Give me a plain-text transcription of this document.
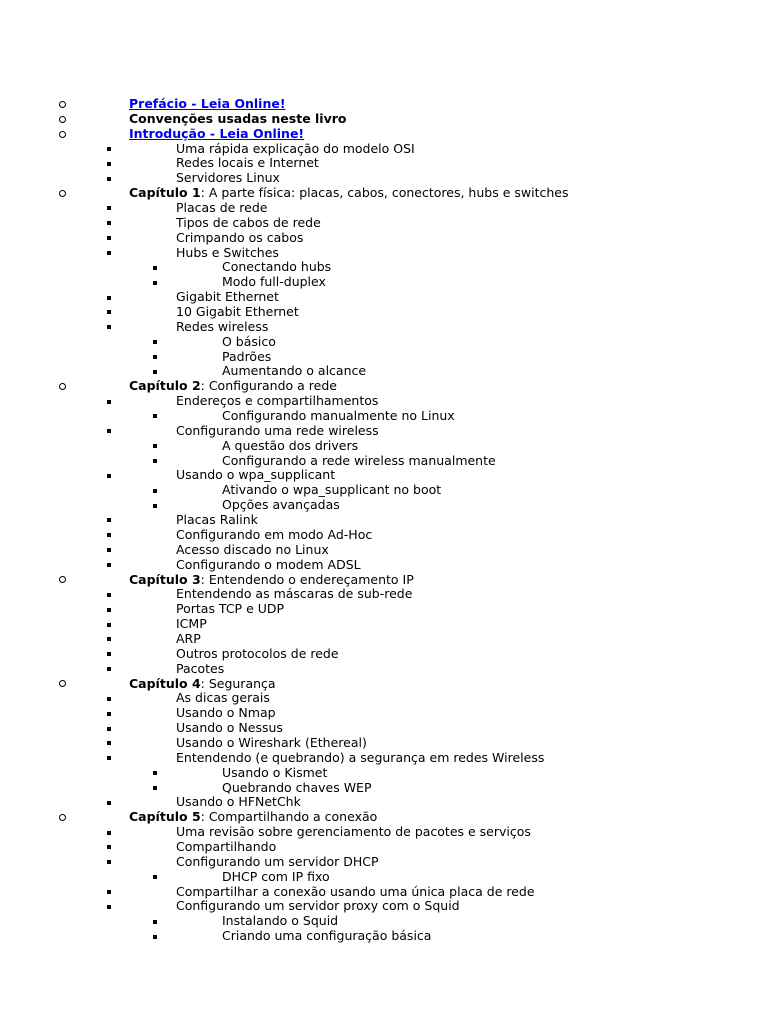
Prefácio - Leia Online!
Convenções usadas neste livro
Introdução - Leia Online!
Uma rápida explicação do modelo OSI
Redes locais e Internet
Servidores Linux
Capítulo 1: A parte física: placas, cabos, conectores, hubs e switches
Placas de rede
Tipos de cabos de rede
Crimpando os cabos
Hubs e Switches
Conectando hubs
Modo full-duplex
Gigabit Ethernet
10 Gigabit Ethernet
Redes wireless
O básico
Padrões
Aumentando o alcance
Capítulo 2: Configurando a rede
Endereços e compartilhamentos
Configurando manualmente no Linux
Configurando uma rede wireless
A questão dos drivers
Configurando a rede wireless manualmente
Usando o wpa_supplicant
Ativando o wpa_supplicant no boot
Opções avançadas
Placas Ralink
Configurando em modo Ad-Hoc
Acesso discado no Linux
Configurando o modem ADSL
Capítulo 3: Entendendo o endereçamento IP
Entendendo as máscaras de sub-rede
Portas TCP e UDP
ICMP
ARP
Outros protocolos de rede
Pacotes
Capítulo 4: Segurança
As dicas gerais
Usando o Nmap
Usando o Nessus
Usando o Wireshark (Ethereal)
Entendendo (e quebrando) a segurança em redes Wireless
Usando o Kismet
Quebrando chaves WEP
Usando o HFNetChk
Capítulo 5: Compartilhando a conexão
Uma revisão sobre gerenciamento de pacotes e serviços
Compartilhando
Configurando um servidor DHCP
DHCP com IP fixo
Compartilhar a conexão usando uma única placa de rede
Configurando um servidor proxy com o Squid
Instalando o Squid
Criando uma configuração básica
